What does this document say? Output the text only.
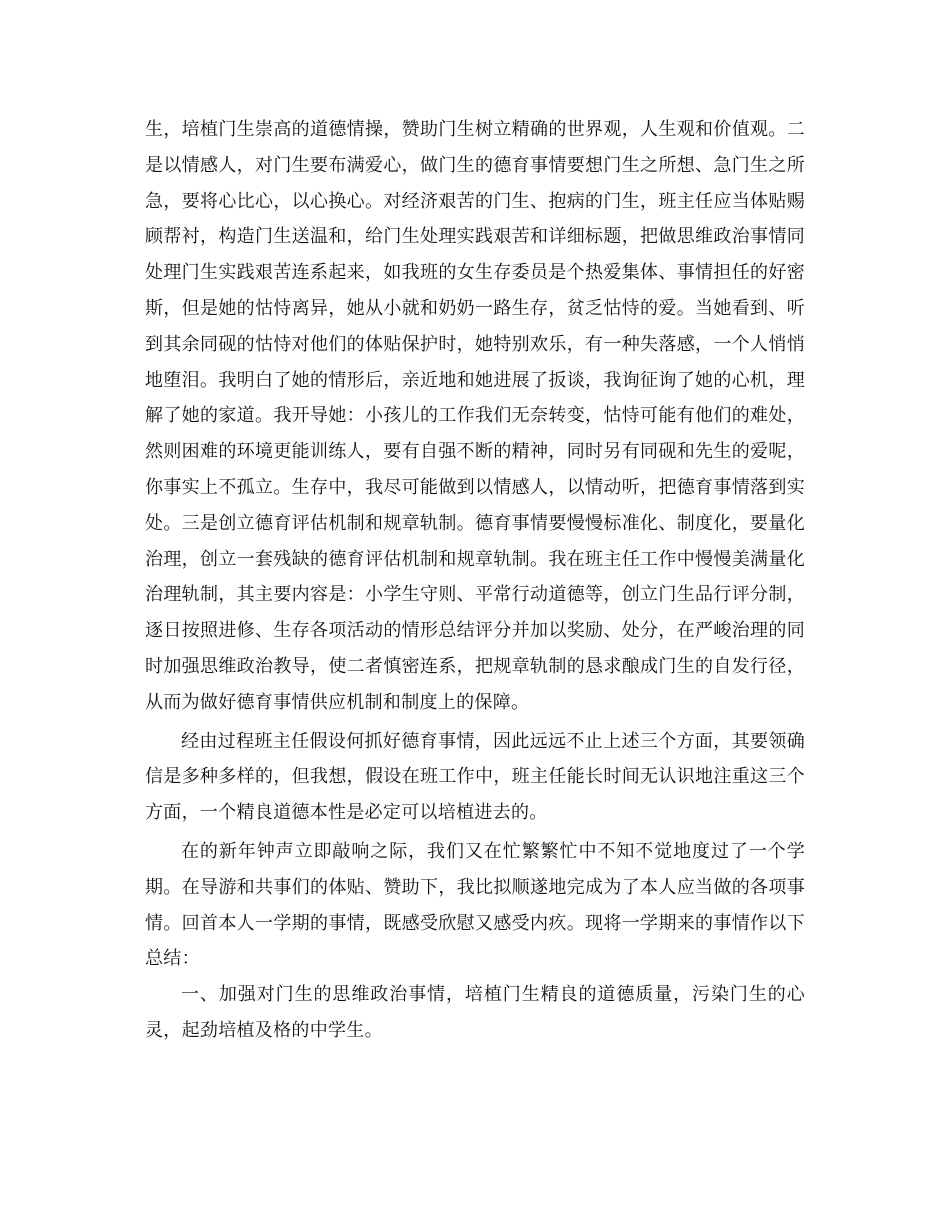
生，培植门生崇高的道德情操，赞助门生树立精确的世界观，人生观和价值观。二是以情感人，对门生要布满爱心，做门生的德育事情要想门生之所想、急门生之所急，要将心比心，以心换心。对经济艰苦的门生、抱病的门生，班主任应当体贴赐顾帮衬，构造门生送温和，给门生处理实践艰苦和详细标题，把做思维政治事情同处理门生实践艰苦连系起来，如我班的女生存委员是个热爱集体、事情担任的好密斯，但是她的怙恃离异，她从小就和奶奶一路生存，贫乏怙恃的爱。当她看到、听到其余同砚的怙恃对他们的体贴保护时，她特别欢乐，有一种失落感，一个人悄悄地堕泪。我明白了她的情形后，亲近地和她进展了扳谈，我询征询了她的心机，理解了她的家道。我开导她：小孩儿的工作我们无奈转变，怙恃可能有他们的难处，然则困难的环境更能训练人，要有自强不断的精神，同时另有同砚和先生的爱呢，你事实上不孤立。生存中，我尽可能做到以情感人，以情动听，把德育事情落到实处。三是创立德育评估机制和规章轨制。德育事情要慢慢标准化、制度化，要量化治理，创立一套残缺的德育评估机制和规章轨制。我在班主任工作中慢慢美满量化治理轨制，其主要内容是：小学生守则、平常行动道德等，创立门生品行评分制，逐日按照进修、生存各项活动的情形总结评分并加以奖励、处分，在严峻治理的同时加强思维政治教导，使二者慎密连系，把规章轨制的恳求酿成门生的自发行径，从而为做好德育事情供应机制和制度上的保障。

经由过程班主任假设何抓好德育事情，因此远远不止上述三个方面，其要领确信是多种多样的，但我想，假设在班工作中，班主任能长时间无认识地注重这三个方面，一个精良道德本性是必定可以培植进去的。

在的新年钟声立即敲响之际，我们又在忙繁繁忙中不知不觉地度过了一个学期。在导游和共事们的体贴、赞助下，我比拟顺遂地完成为了本人应当做的各项事情。回首本人一学期的事情，既感受欣慰又感受内疚。现将一学期来的事情作以下总结：

一、加强对门生的思维政治事情，培植门生精良的道德质量，污染门生的心灵，起劲培植及格的中学生。
